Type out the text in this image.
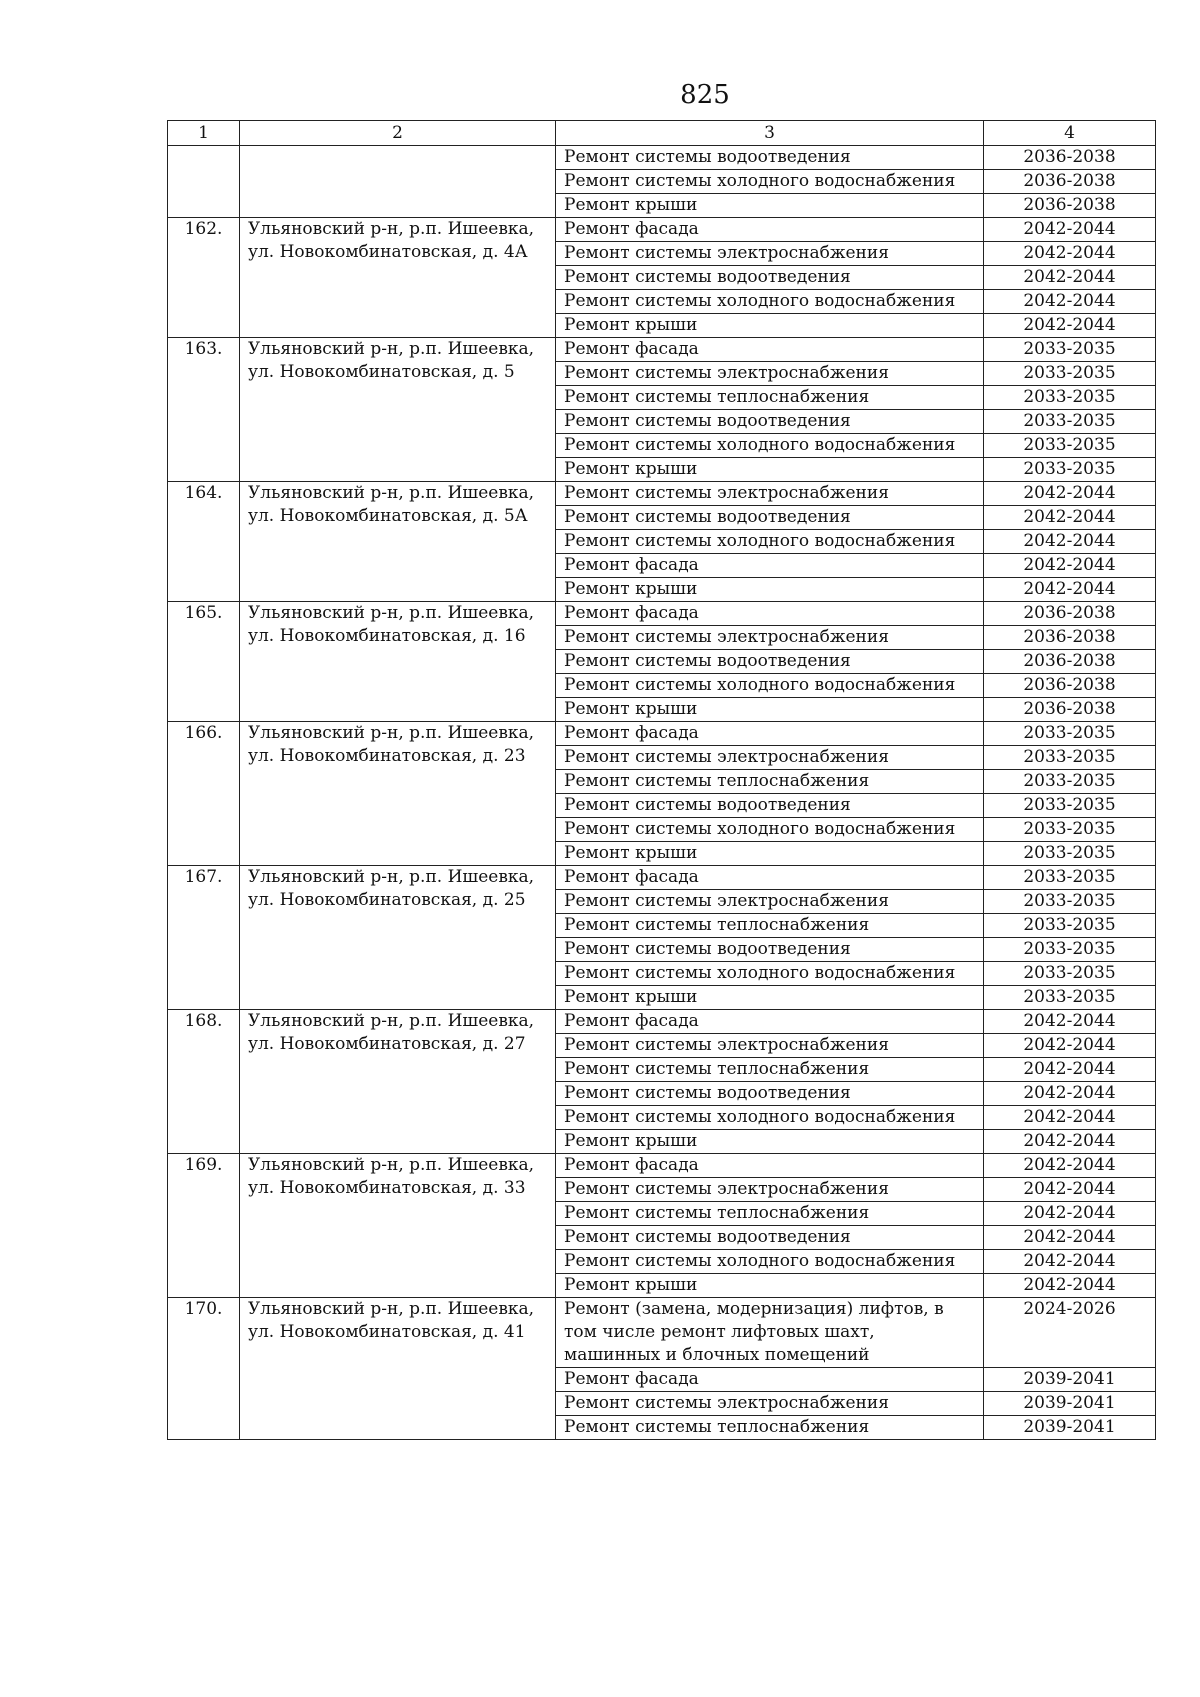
825
1	2	3	4
		Ремонт системы водоотведения	2036-2038
		Ремонт системы холодного водоснабжения	2036-2038
		Ремонт крыши	2036-2038
162.	Ульяновский р-н, р.п. Ишеевка, ул. Новокомбинатовская, д. 4А	Ремонт фасада	2042-2044
		Ремонт системы электроснабжения	2042-2044
		Ремонт системы водоотведения	2042-2044
		Ремонт системы холодного водоснабжения	2042-2044
		Ремонт крыши	2042-2044
163.	Ульяновский р-н, р.п. Ишеевка, ул. Новокомбинатовская, д. 5	Ремонт фасада	2033-2035
		Ремонт системы электроснабжения	2033-2035
		Ремонт системы теплоснабжения	2033-2035
		Ремонт системы водоотведения	2033-2035
		Ремонт системы холодного водоснабжения	2033-2035
		Ремонт крыши	2033-2035
164.	Ульяновский р-н, р.п. Ишеевка, ул. Новокомбинатовская, д. 5А	Ремонт системы электроснабжения	2042-2044
		Ремонт системы водоотведения	2042-2044
		Ремонт системы холодного водоснабжения	2042-2044
		Ремонт фасада	2042-2044
		Ремонт крыши	2042-2044
165.	Ульяновский р-н, р.п. Ишеевка, ул. Новокомбинатовская, д. 16	Ремонт фасада	2036-2038
		Ремонт системы электроснабжения	2036-2038
		Ремонт системы водоотведения	2036-2038
		Ремонт системы холодного водоснабжения	2036-2038
		Ремонт крыши	2036-2038
166.	Ульяновский р-н, р.п. Ишеевка, ул. Новокомбинатовская, д. 23	Ремонт фасада	2033-2035
		Ремонт системы электроснабжения	2033-2035
		Ремонт системы теплоснабжения	2033-2035
		Ремонт системы водоотведения	2033-2035
		Ремонт системы холодного водоснабжения	2033-2035
		Ремонт крыши	2033-2035
167.	Ульяновский р-н, р.п. Ишеевка, ул. Новокомбинатовская, д. 25	Ремонт фасада	2033-2035
		Ремонт системы электроснабжения	2033-2035
		Ремонт системы теплоснабжения	2033-2035
		Ремонт системы водоотведения	2033-2035
		Ремонт системы холодного водоснабжения	2033-2035
		Ремонт крыши	2033-2035
168.	Ульяновский р-н, р.п. Ишеевка, ул. Новокомбинатовская, д. 27	Ремонт фасада	2042-2044
		Ремонт системы электроснабжения	2042-2044
		Ремонт системы теплоснабжения	2042-2044
		Ремонт системы водоотведения	2042-2044
		Ремонт системы холодного водоснабжения	2042-2044
		Ремонт крыши	2042-2044
169.	Ульяновский р-н, р.п. Ишеевка, ул. Новокомбинатовская, д. 33	Ремонт фасада	2042-2044
		Ремонт системы электроснабжения	2042-2044
		Ремонт системы теплоснабжения	2042-2044
		Ремонт системы водоотведения	2042-2044
		Ремонт системы холодного водоснабжения	2042-2044
		Ремонт крыши	2042-2044
170.	Ульяновский р-н, р.п. Ишеевка, ул. Новокомбинатовская, д. 41	Ремонт (замена, модернизация) лифтов, в том числе ремонт лифтовых шахт, машинных и блочных помещений	2024-2026
		Ремонт фасада	2039-2041
		Ремонт системы электроснабжения	2039-2041
		Ремонт системы теплоснабжения	2039-2041
